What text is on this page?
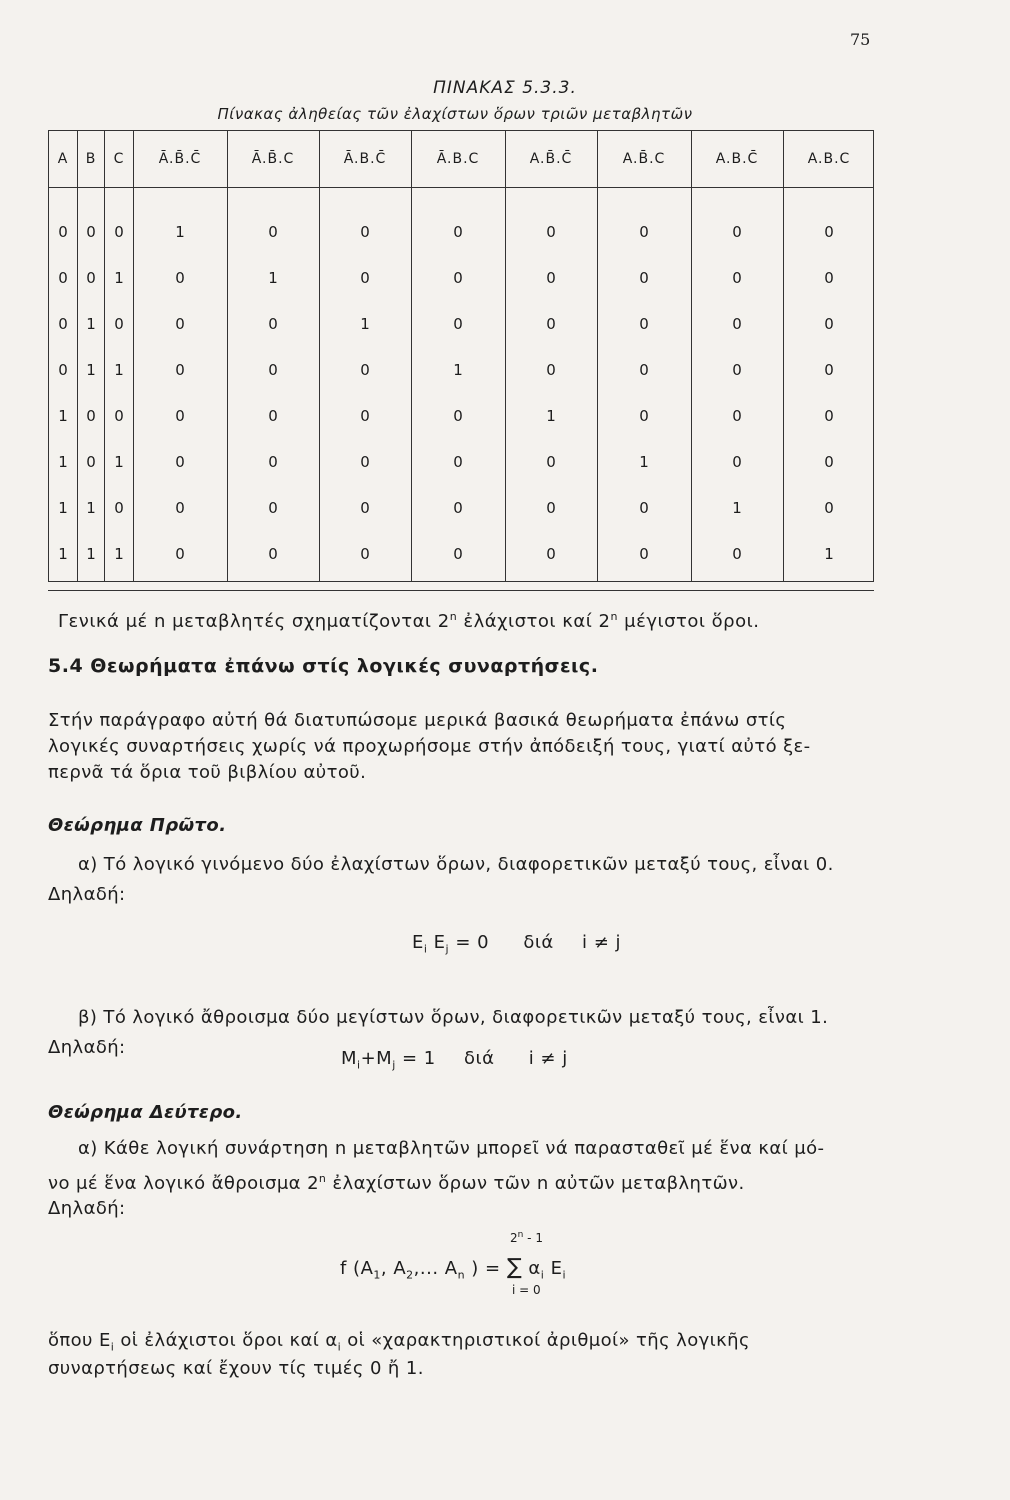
75
ΠΙΝΑΚΑΣ 5.3.3.
Πίνακας ἀληθείας τῶν ἐλαχίστων ὅρων τριῶν μεταβλητῶν
A B C Ā.B̄.C̄	Ā.B̄.C	Ā.B.C̄	Ā.B.C	A.B̄.C̄	A.B̄.C	A.B.C̄	A.B.C
0	0	0	1	0	0	0	0	0	0	0
0	0	1	0	1	0	0	0	0	0	0
0	1	0	0	0	1	0	0	0	0	0
0	1	1	0	0	0	1	0	0	0	0
1	0	0	0	0	0	0	1	0	0	0
1	0	1	0	0	0	0	0	1	0	0
1	1	0	0	0	0	0	0	0	1	0
1	1	1	0	0	0	0	0	0	0	1
Γενικά μέ n μεταβλητές σχηματίζονται 2$^n$ ἐλάχιστοι καί 2$^n$ μέγιστοι ὅροι.
5.4 Θεωρήματα ἐπάνω στίς λογικές συναρτήσεις.
Στήν παράγραφο αὐτή θά διατυπώσομε μερικά βασικά θεωρήματα ἐπάνω στίς
λογικές συναρτήσεις χωρίς νά προχωρήσομε στήν ἀπόδειξή τους, γιατί αὐτό ξε-
περνᾶ τά ὅρια τοῦ βιβλίου αὐτοῦ.
Θεώρημα Πρῶτο.
α) Τό λογικό γινόμενο δύο ἐλαχίστων ὅρων, διαφορετικῶν μεταξύ τους, εἶναι 0.
Δηλαδή:
$E_i$ $E_j = 0$ διά i ≠ j
β) Τό λογικό ἄθροισμα δύο μεγίστων ὅρων, διαφορετικῶν μεταξύ τους, εἶναι 1.
Δηλαδή:
$M_i+M_j = 1$ διά i ≠ j
Θεώρημα Δεύτερο.
α) Κάθε λογική συνάρτηση n μεταβλητῶν μπορεῖ νά παρασταθεῖ μέ ἕνα καί μό-
νο μέ ἕνα λογικό ἄθροισμα 2$^n$ ἐλαχίστων ὅρων τῶν n αὐτῶν μεταβλητῶν.
Δηλαδή:
2$^n$ - 1
f ($A_1$, $A_2$,... $A_n$ ) = ∑ $\alpha_i$ $E_i$
i = 0
ὅπου $E_i$ οἱ ἐλάχιστοι ὅροι καί $\alpha_i$ οἱ «χαρακτηριστικοί ἀριθμοί» τῆς λογικῆς
συναρτήσεως καί ἔχουν τίς τιμές 0 ἤ 1.
